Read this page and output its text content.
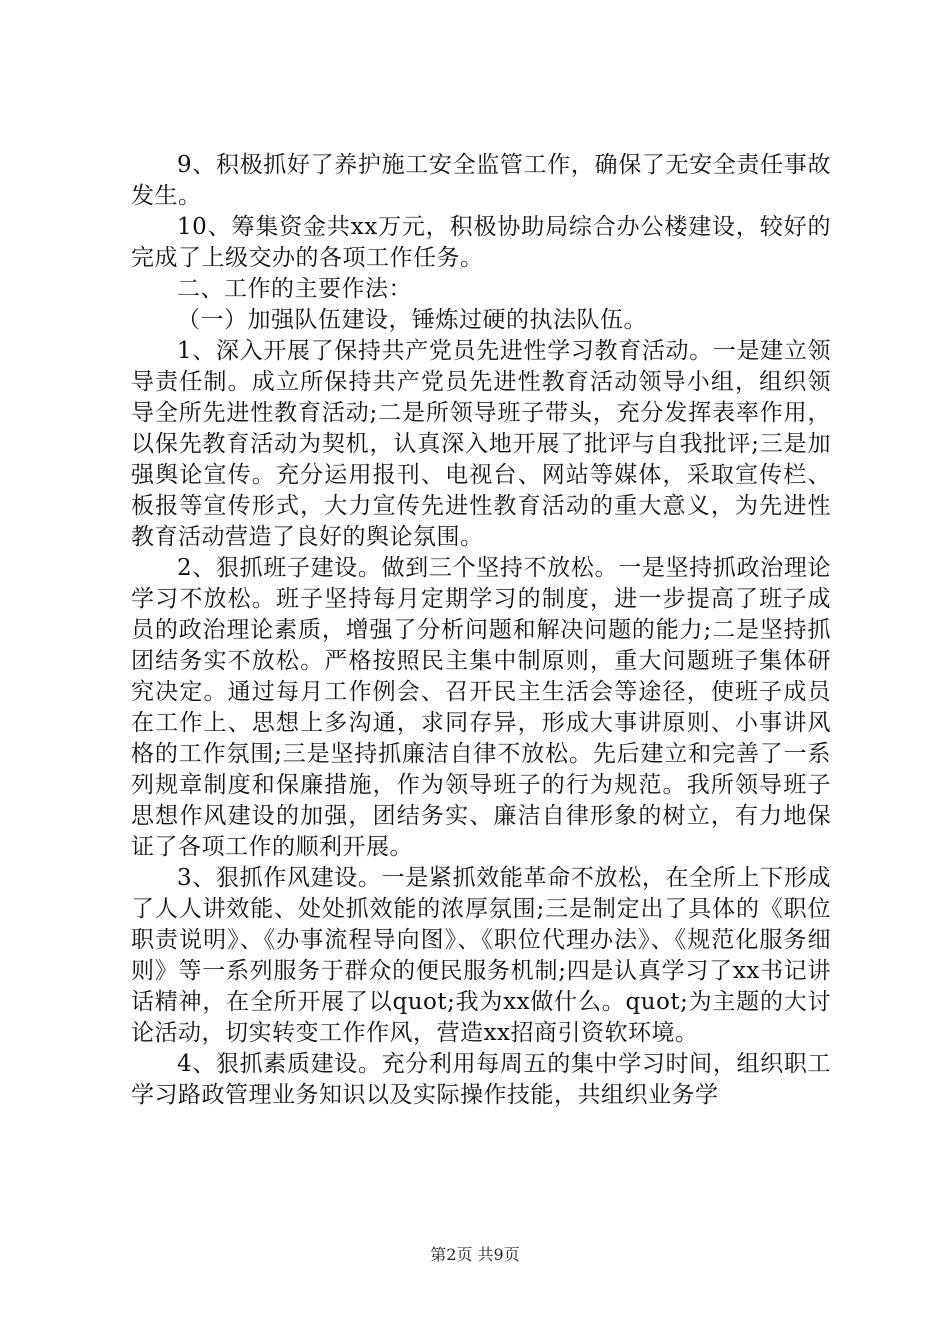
9、积极抓好了养护施工安全监管工作，确保了无安全责任事故发生。

10、筹集资金共xx万元，积极协助局综合办公楼建设，较好的完成了上级交办的各项工作任务。

二、工作的主要作法：

（一）加强队伍建设，锤炼过硬的执法队伍。

1、深入开展了保持共产党员先进性学习教育活动。一是建立领导责任制。成立所保持共产党员先进性教育活动领导小组，组织领导全所先进性教育活动;二是所领导班子带头，充分发挥表率作用，以保先教育活动为契机，认真深入地开展了批评与自我批评;三是加强舆论宣传。充分运用报刊、电视台、网站等媒体，采取宣传栏、板报等宣传形式，大力宣传先进性教育活动的重大意义，为先进性教育活动营造了良好的舆论氛围。

2、狠抓班子建设。做到三个坚持不放松。一是坚持抓政治理论学习不放松。班子坚持每月定期学习的制度，进一步提高了班子成员的政治理论素质，增强了分析问题和解决问题的能力;二是坚持抓团结务实不放松。严格按照民主集中制原则，重大问题班子集体研究决定。通过每月工作例会、召开民主生活会等途径，使班子成员在工作上、思想上多沟通，求同存异，形成大事讲原则、小事讲风格的工作氛围;三是坚持抓廉洁自律不放松。先后建立和完善了一系列规章制度和保廉措施，作为领导班子的行为规范。我所领导班子思想作风建设的加强，团结务实、廉洁自律形象的树立，有力地保证了各项工作的顺利开展。

3、狠抓作风建设。一是紧抓效能革命不放松，在全所上下形成了人人讲效能、处处抓效能的浓厚氛围;三是制定出了具体的《职位职责说明》、《办事流程导向图》、《职位代理办法》、《规范化服务细则》等一系列服务于群众的便民服务机制;四是认真学习了xx书记讲话精神，在全所开展了以quot;我为xx做什么。quot;为主题的大讨论活动，切实转变工作作风，营造xx招商引资软环境。

4、狠抓素质建设。充分利用每周五的集中学习时间，组织职工学习路政管理业务知识以及实际操作技能，共组织业务学

第2页 共9页
